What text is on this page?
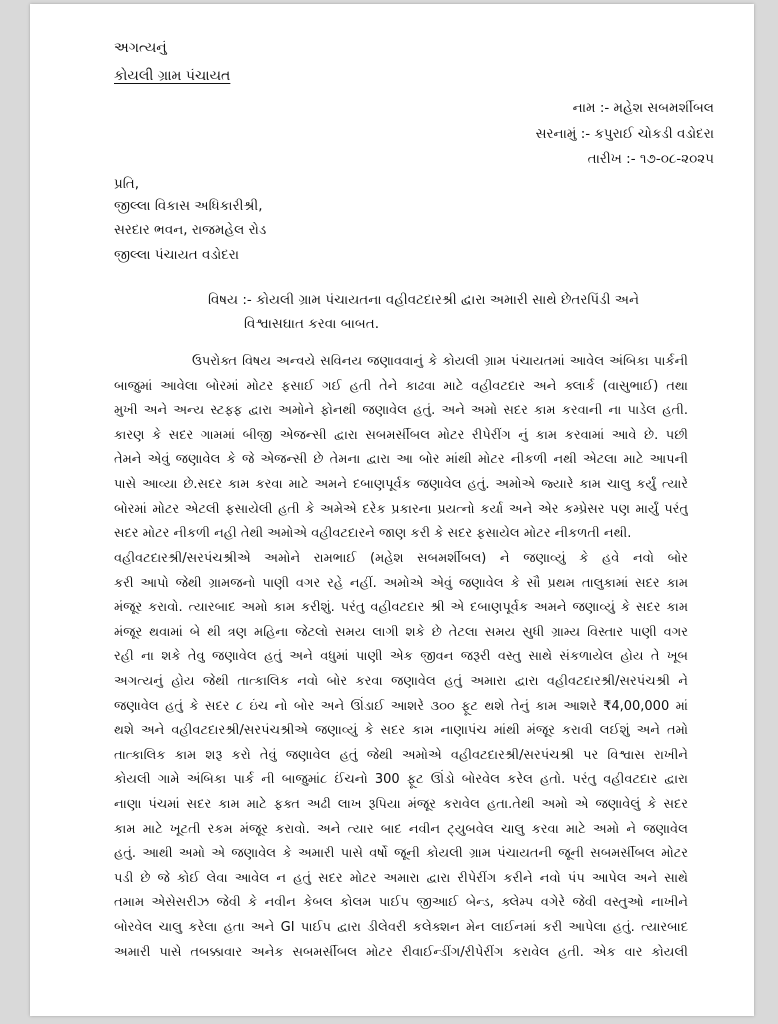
અગત્યનું
કોયલી ગ્રામ પંચાયત
નામ :- મહેશ સબમર્શીબલ
સરનામું :- કપુરાઈ ચોકડી વડોદરા
તારીખ :- ૧૭-૦૮-૨૦૨૫
પ્રતિ,
જીલ્લા વિકાસ અધિકારીશ્રી,
સરદાર ભવન, રાજમહેલ રોડ
જીલ્લા પંચાયત વડોદરા
વિષય :- કોયલી ગ્રામ પંચાયતના વહીવટદારશ્રી દ્વારા અમારી સાથે છેતરપિંડી અને
વિશ્વાસઘાત કરવા બાબત.
ઉપરોક્ત વિષય અન્વયે સવિનય જણાવવાનું કે કોયલી ગ્રામ પંચાયતમાં આવેલ અંબિકા પાર્કની
બાજુમાં આવેલા બોરમાં મોટર ફસાઈ ગઈ હતી તેને કાઢવા માટે વહીવટદાર અને ક્લાર્ક (વાસુભાઈ) તથા
મુખી અને અન્ય સ્ટફ્ફ દ્વારા અમોને ફોનથી જણાવેલ હતું. અને અમો સદર કામ કરવાની ના પાડેલ હતી.
કારણ કે સદર ગામમાં બીજી એજન્સી દ્વારા સબમર્સીબલ મોટર રીપેરીંગ નું કામ કરવામાં આવે છે. પછી
તેમને એવું જણાવેલ કે જે એજન્સી છે તેમના દ્વારા આ બોર માંથી મોટર નીકળી નથી એટલા માટે આપની
પાસે આવ્યા છે.સદર કામ કરવા માટે અમને દબાણપૂર્વક જણાવેલ હતું. અમોએ જ્યારે કામ ચાલુ કર્યું ત્યારે
બોરમાં મોટર એટલી ફસાયેલી હતી કે અમેએ દરેક પ્રકારના પ્રયત્નો કર્યા અને એર કમ્પ્રેસર પણ માર્યું પરંતુ
સદર મોટર નીકળી નહી તેથી અમોએ વહીવટદારને જાણ કરી કે સદર ફસાયેલ મોટર નીકળતી નથી.
વહીવટદારશ્રી/સરપંચશ્રીએ અમોને રામભાઈ (મહેશ સબમર્શીબલ) ને જણાવ્યું કે હવે નવો બોર
કરી આપો જેથી ગ્રામજનો પાણી વગર રહે નહીં. અમોએ એવું જણાવેલ કે સૌ પ્રથમ તાલુકામાં સદર કામ
મંજૂર કરાવો. ત્યારબાદ અમો કામ કરીશું. પરંતુ વહીવટદાર શ્રી એ દબાણપૂર્વક અમને જણાવ્યું કે સદર કામ
મંજૂર થવામાં બે થી ત્રણ મહિના જેટલો સમય લાગી શકે છે તેટલા સમય સુધી ગ્રામ્ય વિસ્તાર પાણી વગર
રહી ના શકે તેવુ જણાવેલ હતું અને વધુમાં પાણી એક જીવન જરૂરી વસ્તુ સાથે સંકળાયેલ હોય તે ખૂબ
અગત્યનું હોય જેથી તાત્કાલિક નવો બોર કરવા જણાવેલ હતું અમારા દ્વારા વહીવટદારશ્રી/સરપંચશ્રી ને
જણાવેલ હતું કે સદર ૮ ઇંચ નો બોર અને ઊંડાઈ આશરે ૩૦૦ ફૂટ થશે તેનું કામ આશરે ₹4,00,000 માં
થશે અને વહીવટદારશ્રી/સરપંચશ્રીએ જણાવ્યું કે સદર કામ નાણાપંચ માંથી મંજૂર કરાવી લઈશું અને તમો
તાત્કાલિક કામ શરૂ કરો તેવું જણાવેલ હતું જેથી અમોએ વહીવટદારશ્રી/સરપંચશ્રી પર વિશ્વાસ રાખીને
કોયલી ગામે અંબિકા પાર્ક ની બાજુમાં૮ ઈંચનો 300 ફૂટ ઊંડો બોરવેલ કરેલ હતો. પરંતુ વહીવટદાર દ્વારા
નાણા પંચમાં સદર કામ માટે ફક્ત અઢી લાખ રૂપિયા મંજૂર કરાવેલ હતા.તેથી અમો એ જણાવેલું કે સદર
કામ માટે ખૂટતી રકમ મંજૂર કરાવો. અને ત્યાર બાદ નવીન ટ્યુબવેલ ચાલુ કરવા માટે અમો ને જણાવેલ
હતું. આથી અમો એ જણાવેલ કે અમારી પાસે વર્ષો જૂની કોયલી ગ્રામ પંચાયતની જૂની સબમર્સીબલ મોટર
પડી છે જે કોઈ લેવા આવેલ ન હતું સદર મોટર અમારા દ્વારા રીપેરીંગ કરીને નવો પંપ આપેલ અને સાથે
તમામ એસેસરીઝ જેવી કે નવીન કેબલ કોલમ પાઈપ જીઆઈ બેન્ડ, ક્લેમ્પ વગેરે જેવી વસ્તુઓ નાખીને
બોરવેલ ચાલુ કરેલા હતા અને GI પાઈપ દ્વારા ડીલેવરી કલેક્શન મેન લાઈનમાં કરી આપેલા હતું. ત્યારબાદ
અમારી પાસે તબક્કાવાર અનેક સબમર્સીબલ મોટર રીવાઈન્ડીંગ/રીપેરીંગ કરાવેલ હતી. એક વાર કોયલી
